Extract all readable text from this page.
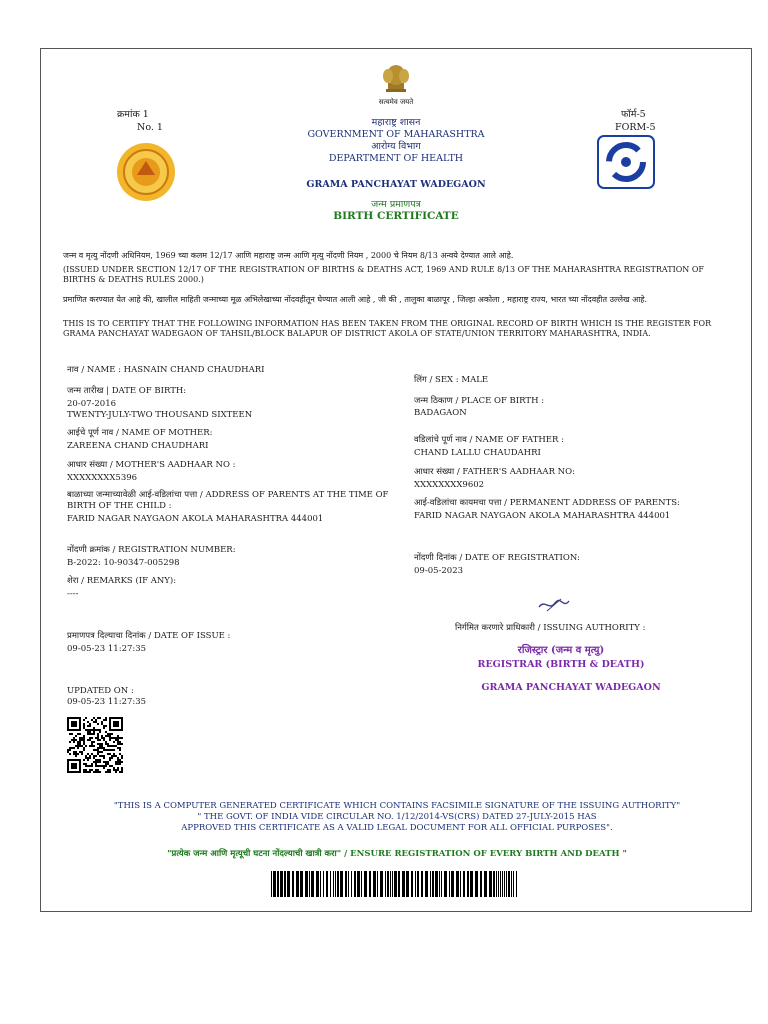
सत्यमेव जयते
क्रमांक 1
No. 1
फॉर्म-5
FORM-5
महाराष्ट्र शासन
GOVERNMENT OF MAHARASHTRA
आरोग्य विभाग
DEPARTMENT OF HEALTH
GRAMA PANCHAYAT WADEGAON
जन्म प्रमाणपत्र
BIRTH CERTIFICATE
जन्म व मृत्यु नोंदणी अधिनियम, 1969 च्या कलम 12/17 आणि महाराष्ट्र जन्म आणि मृत्यु नोंदणी नियम , 2000 चे नियम 8/13 अन्वये देण्यात आले आहे.
(ISSUED UNDER SECTION 12/17 OF THE REGISTRATION OF BIRTHS & DEATHS ACT, 1969 AND RULE 8/13 OF THE MAHARASHTRA REGISTRATION OF BIRTHS & DEATHS RULES 2000.)
प्रमाणित करण्यात येत आहे की, खालील माहिती जन्माच्या मूळ अभिलेखाच्या नोंदवहीतून घेण्यात आली आहे , जी की , तालुका बाळापूर , जिल्हा अकोला , महाराष्ट्र राज्य, भारत च्या नोंदवहीत उल्लेख आहे.
THIS IS TO CERTIFY THAT THE FOLLOWING INFORMATION HAS BEEN TAKEN FROM THE ORIGINAL RECORD OF BIRTH WHICH IS THE REGISTER FOR GRAMA PANCHAYAT WADEGAON OF TAHSIL/BLOCK BALAPUR OF DISTRICT AKOLA OF STATE/UNION TERRITORY MAHARASHTRA, INDIA.
नाव / NAME : HASNAIN CHAND CHAUDHARI
जन्म तारीख | DATE OF BIRTH:
20-07-2016
TWENTY-JULY-TWO THOUSAND SIXTEEN
आईचे पूर्ण नाव / NAME OF MOTHER:
ZAREENA CHAND CHAUDHARI
आधार संख्या / MOTHER'S AADHAAR NO :
XXXXXXXX5396
बाळाच्या जन्माच्यावेळी आई-वडिलांचा पत्ता / ADDRESS OF PARENTS AT THE TIME OF BIRTH OF THE CHILD :
FARID NAGAR NAYGAON AKOLA MAHARASHTRA 444001
नोंदणी क्रमांक / REGISTRATION NUMBER:
B-2022: 10-90347-005298
शेरा / REMARKS (IF ANY):
----
प्रमाणपत्र दिल्याचा दिनांक / DATE OF ISSUE :
09-05-23 11:27:35
UPDATED ON :
09-05-23 11:27:35
लिंग / SEX : MALE
जन्म ठिकाण / PLACE OF BIRTH :
BADAGAON
वडिलांचे पूर्ण नाव / NAME OF FATHER :
CHAND LALLU CHAUDAHRI
आधार संख्या / FATHER'S AADHAAR NO:
XXXXXXXX9602
आई-वडिलांचा कायमचा पत्ता / PERMANENT ADDRESS OF PARENTS:
FARID NAGAR NAYGAON AKOLA MAHARASHTRA 444001
नोंदणी दिनांक / DATE OF REGISTRATION:
09-05-2023
निर्गमित करणारे प्राधिकारी / ISSUING AUTHORITY :
रजिस्ट्रार (जन्म व मृत्यु)
REGISTRAR (BIRTH & DEATH)
GRAMA PANCHAYAT WADEGAON
"THIS IS A COMPUTER GENERATED CERTIFICATE WHICH CONTAINS FACSIMILE SIGNATURE OF THE ISSUING AUTHORITY"
" THE GOVT. OF INDIA VIDE CIRCULAR NO. 1/12/2014-VS(CRS) DATED 27-JULY-2015 HAS
APPROVED THIS CERTIFICATE AS A VALID LEGAL DOCUMENT FOR ALL OFFICIAL PURPOSES".
"प्रत्येक जन्म आणि मृत्यूची घटना नोंदल्याची खात्री करा" / ENSURE REGISTRATION OF EVERY BIRTH AND DEATH "
